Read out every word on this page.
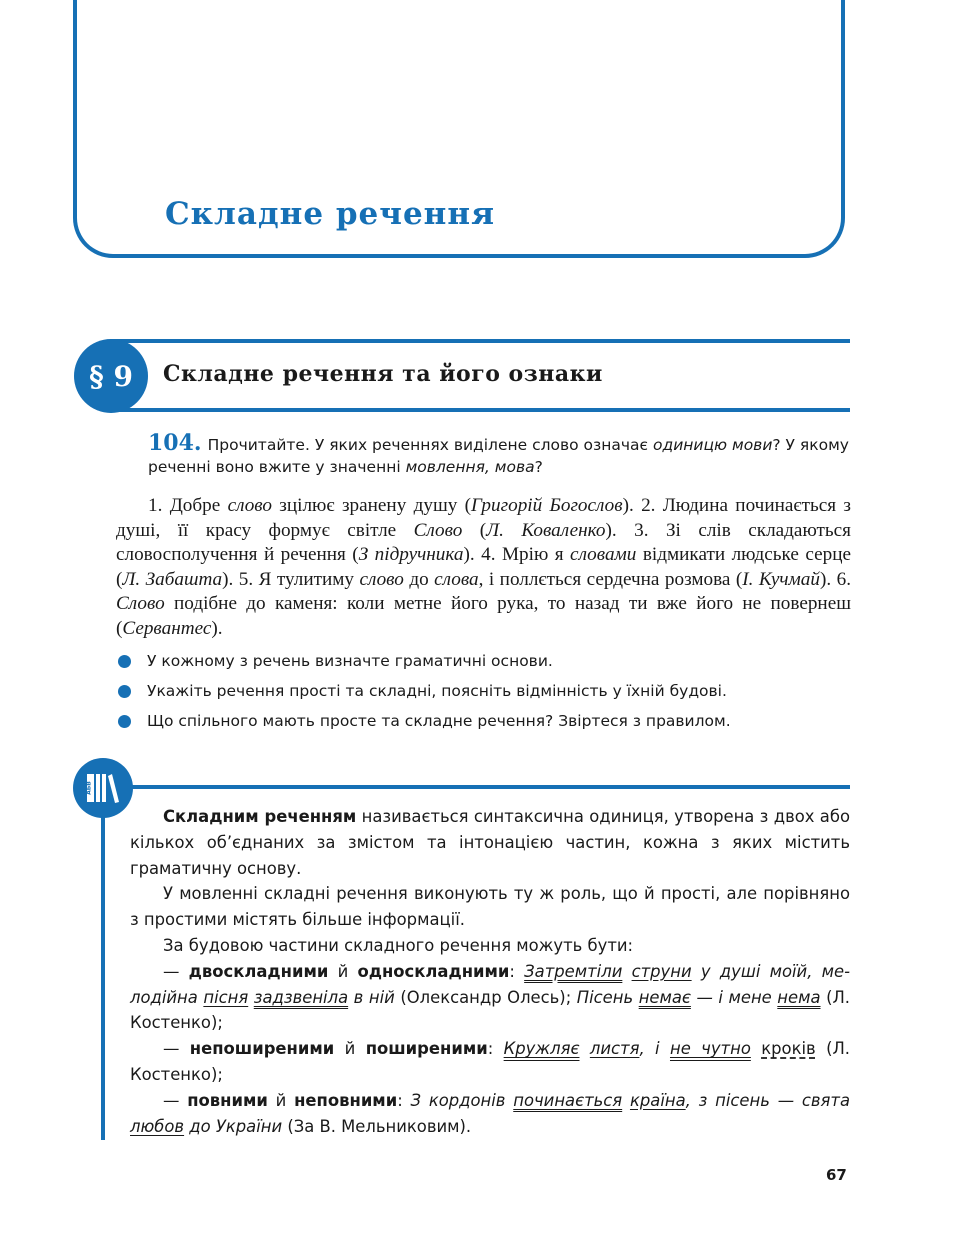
Складне речення
§ 9	Складне речення та його ознаки
104. Прочитайте. У яких реченнях виділене слово означає одиницю мови? У якому реченні воно вжите у значенні мовлення, мова?

1. Добре слово зцілює зранену душу (Григорій Богослов). 2. Людина починається з душі, її красу формує світле Слово (Л. Коваленко). 3. Зі слів складаються словосполучення й речення (З підручника). 4. Мрію я словами відмикати людське серце (Л. Забашта). 5. Я тулитиму слово до слова, і поллється сердечна розмова (І. Кучмай). 6. Слово подібне до каменя: коли метне його рука, то назад ти вже його не повернеш (Сервантес).

У кожному з речень визначте граматичні основи.
Укажіть речення прості та складні, поясніть відмінність у їхній будові.
Що спільного мають просте та складне речення? Звіртеся з правилом.
АБВ

Складним реченням називається синтаксична одиниця, утворена з двох або кількох об’єднаних за змістом та інтонацією частин, кожна з яких містить граматичну основу.

У мовленні складні речення виконують ту ж роль, що й прості, але порівняно з простими містять більше інформації.

За будовою частини складного речення можуть бути:

— двоскладними й односкладними: Затремтіли струни у душі моїй, мелодійна пісня задзвеніла в ній (Олександр Олесь); Пісень немає — і мене нема (Л. Костенко);

— непоширеними й поширеними: Кружляє листя, і не чутно кроків (Л. Костенко);

— повними й неповними: З кордонів починається країна, з пісень — свята любов до України (За В. Мельниковим).

67
